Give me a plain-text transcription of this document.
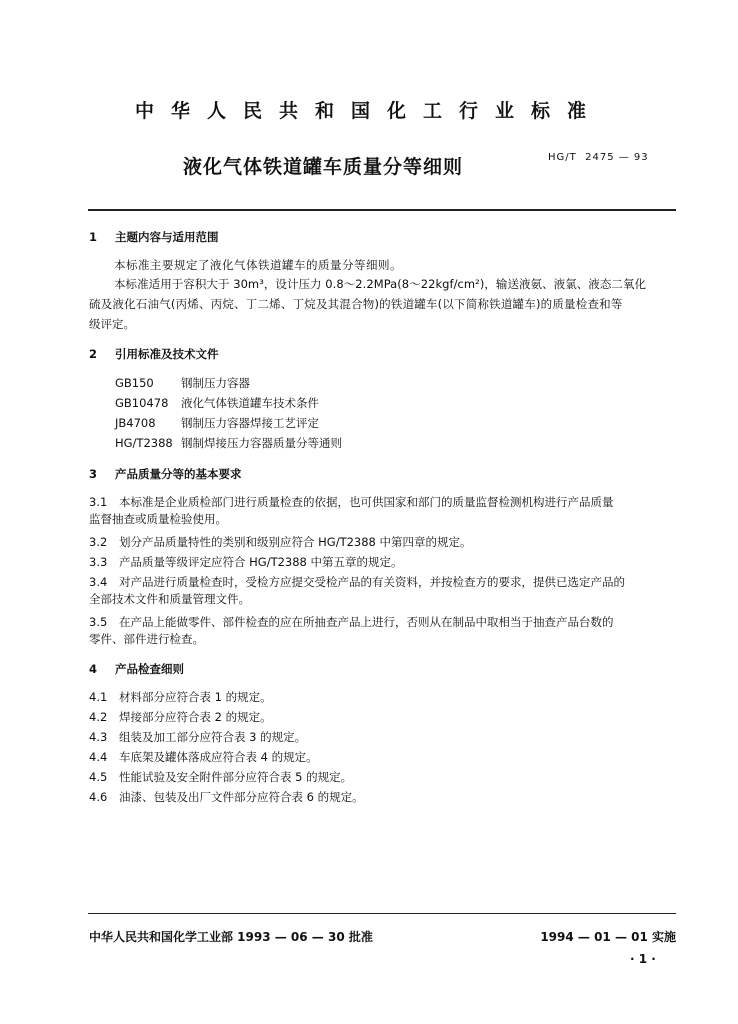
中华人民共和国化工行业标准
液化气体铁道罐车质量分等细则	HG/T  2475 — 93
1 主题内容与适用范围
本标准主要规定了液化气体铁道罐车的质量分等细则。
本标准适用于容积大于 30m³，设计压力 0.8～2.2MPa(8～22kgf/cm²)，输送液氨、液氯、液态二氧化
硫及液化石油气(丙烯、丙烷、丁二烯、丁烷及其混合物)的铁道罐车(以下简称铁道罐车)的质量检查和等
级评定。
2 引用标准及技术文件
GB150 钢制压力容器
GB10478 液化气体铁道罐车技术条件
JB4708 钢制压力容器焊接工艺评定
HG/T2388 钢制焊接压力容器质量分等通则
3 产品质量分等的基本要求
3.1 本标准是企业质检部门进行质量检查的依据，也可供国家和部门的质量监督检测机构进行产品质量
监督抽查或质量检验使用。
3.2 划分产品质量特性的类别和级别应符合 HG/T2388 中第四章的规定。
3.3 产品质量等级评定应符合 HG/T2388 中第五章的规定。
3.4 对产品进行质量检查时，受检方应提交受检产品的有关资料，并按检查方的要求，提供已选定产品的
全部技术文件和质量管理文件。
3.5 在产品上能做零件、部件检查的应在所抽查产品上进行，否则从在制品中取相当于抽查产品台数的
零件、部件进行检查。
4 产品检查细则
4.1 材料部分应符合表 1 的规定。
4.2 焊接部分应符合表 2 的规定。
4.3 组装及加工部分应符合表 3 的规定。
4.4 车底架及罐体落成应符合表 4 的规定。
4.5 性能试验及安全附件部分应符合表 5 的规定。
4.6 油漆、包装及出厂文件部分应符合表 6 的规定。
中华人民共和国化学工业部 1993 — 06 — 30 批准	1994 — 01 — 01 实施
· 1 ·
